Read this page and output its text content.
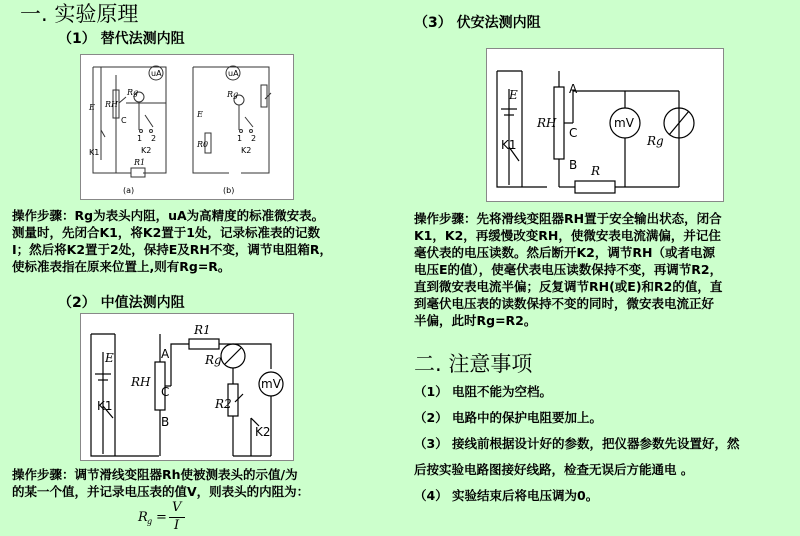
一. 实验原理
（1） 替代法测内阻
uA
E RH
C
K1
R1
Rg
K2
1 2
(a)
uA
E
R0
Rg
K2
1 2
(b)

操作步骤：Rg为表头内阻，uA为高精度的标准微安表。

测量时，先闭合K1，将K2置于1处，记录标准表的记数

I；然后将K2置于2处，保持E及RH不变，调节电阻箱R，

使标准表指在原来位置上,则有Rg=R。

（2） 中值法测内阻
E	A
RH
C
K1
B
R1
Rg
R2
K2
mV

操作步骤：调节滑线变阻器Rh使被测表头的示值/为

的某一个值，并记录电压表的值V，则表头的内阻为：

R g =
V
I
（3） 伏安法测内阻
E	A
RH
C
K1
B R
mV
Rg

操作步骤：先将滑线变阻器RH置于安全输出状态，闭合

K1，K2，再缓慢改变RH，使微安表电流满偏，并记住

毫伏表的电压读数。然后断开K2，调节RH（或者电源

电压E的值），使毫伏表电压读数保持不变，再调节R2，

直到微安表电流半偏；反复调节RH(或E)和R2的值，直

到毫伏电压表的读数保持不变的同时，微安表电流正好

半偏，此时Rg=R2。

二. 注意事项

（1） 电阻不能为空档。

（2） 电路中的保护电阻要加上。

（3） 接线前根据设计好的参数，把仪器参数先设置好，然

后按实验电路图接好线路，检查无误后方能通电 。

（4） 实验结束后将电压调为0。
